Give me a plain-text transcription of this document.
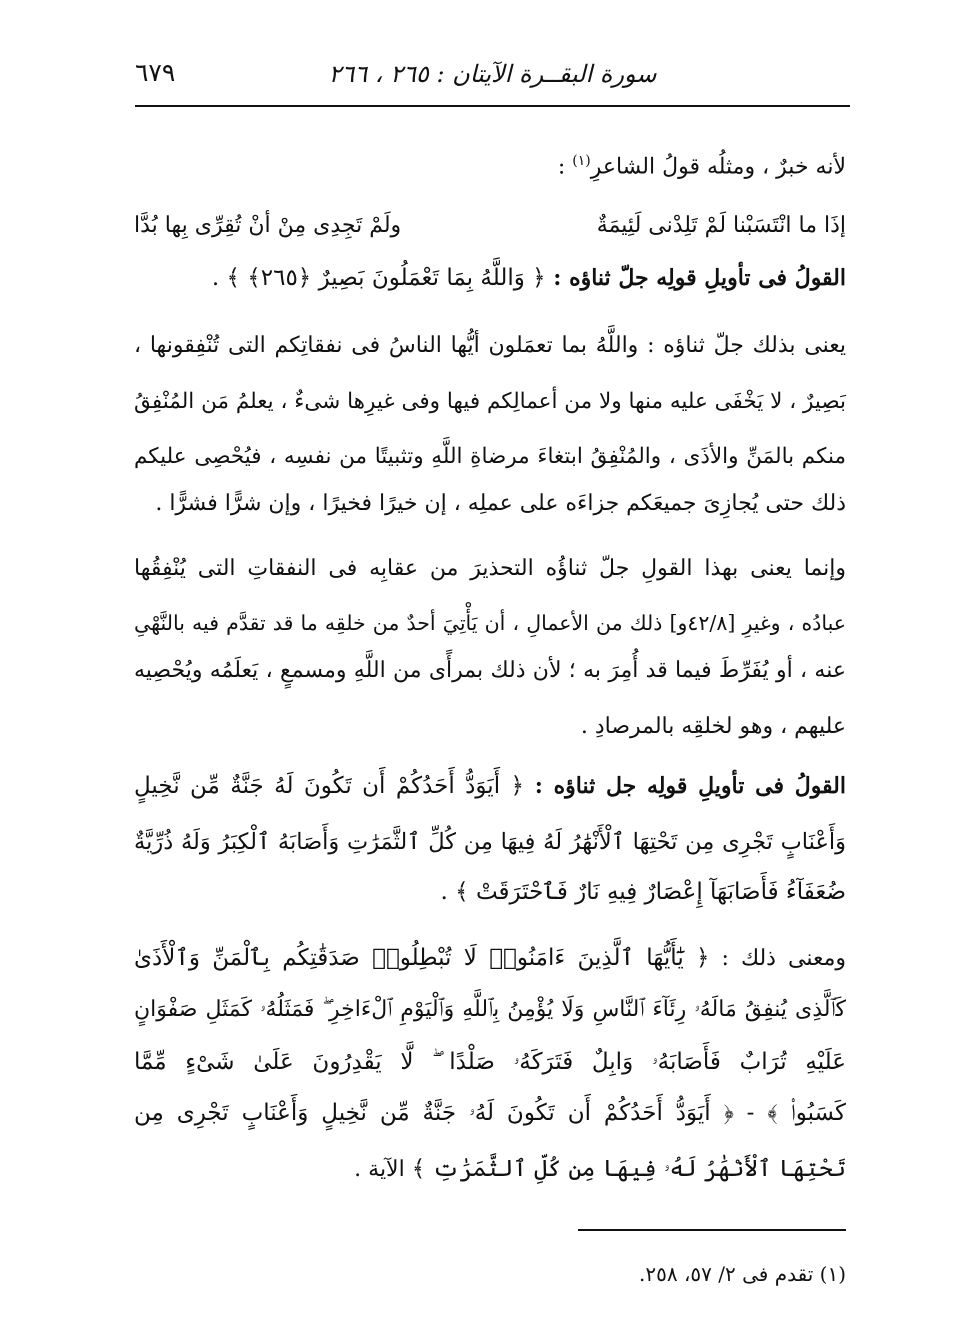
سورة البقــرة الآيتان : ٢٦٥ ، ٢٦٦
٦٧٩
لأنه خبرٌ ، ومثلُه قولُ الشاعرِ$^{(١)}$ :
إذَا ما انْتَسَبْنا لَمْ تَلِدْنى لَئِيمَةٌ
ولَمْ تَجِدِى مِنْ أنْ تُقِرِّى بِها بُدَّا
القولُ فى تأويلِ قولِه جلّ ثناؤه : ﴿ وَاللَّهُ بِمَا تَعْمَلُونَ بَصِيرٌ ﴿٢٦٥﴾ ﴾ .
يعنى بذلك جلّ ثناؤه : واللَّهُ بما تعمَلون أيُّها الناسُ فى نفقاتِكم التى تُنْفِقونها ،
بَصِيرٌ ، لا يَخْفَى عليه منها ولا من أعمالِكم فيها وفى غيرِها شىءٌ ، يعلمُ مَن المُنْفِقُ
منكم بالمَنِّ والأذَى ، والمُنْفِقُ ابتغاءَ مرضاةِ اللَّهِ وتثبيتًا من نفسِه ، فيُحْصِى عليكم
ذلك حتى يُجازِىَ جميعَكم جزاءَه على عملِه ، إن خيرًا فخيرًا ، وإن شرًّا فشرًّا .
وإنما يعنى بهذا القولِ جلّ ثناؤُه التحذيرَ من عقابِه فى النفقاتِ التى يُنْفِقُها
عبادُه ، وغيرِ [٤٢/٨و] ذلك من الأعمالِ ، أن يَأْتِيَ أحدٌ من خلقِه ما قد تقدَّم فيه بالنَّهْىِ
عنه ، أو يُفَرِّطَ فيما قد أُمِرَ به ؛ لأن ذلك بمرأًى من اللَّهِ ومسمعٍ ، يَعلَمُه ويُحْصِيه
عليهم ، وهو لخلقِه بالمرصادِ .
القولُ فى تأويلِ قولِه جل ثناؤه : ﴿ أَيَوَدُّ أَحَدُكُمْ أَن تَكُونَ لَهُ جَنَّةٌ مِّن نَّخِيلٍ
وَأَعْنَابٍ تَجْرِى مِن تَحْتِهَا ٱلْأَنْهَٰرُ لَهُ فِيهَا مِن كُلِّ ٱلثَّمَرَٰتِ وَأَصَابَهُ ٱلْكِبَرُ وَلَهُ ذُرِّيَّةٌ
ضُعَفَآءُ فَأَصَابَهَآ إِعْصَارٌ فِيهِ نَارٌ فَٱحْتَرَقَتْ ﴾ .
ومعنى ذلك : ﴿ يَٰٓأَيُّهَا ٱلَّذِينَ ءَامَنُوا۟ لَا تُبْطِلُوا۟ صَدَقَٰتِكُم بِٱلْمَنِّ وَٱلْأَذَىٰ
كَٱلَّذِى يُنفِقُ مَالَهُۥ رِئَآءَ ٱلنَّاسِ وَلَا يُؤْمِنُ بِٱللَّهِ وَٱلْيَوْمِ ٱلْءَاخِرِ ۖ فَمَثَلُهُۥ كَمَثَلِ صَفْوَانٍ
عَلَيْهِ تُرَابٌ فَأَصَابَهُۥ وَابِلٌ فَتَرَكَهُۥ صَلْدًا ۖ لَّا يَقْدِرُونَ عَلَىٰ شَىْءٍ مِّمَّا
كَسَبُوا۟ ﴾ - ﴿ أَيَوَدُّ أَحَدُكُمْ أَن تَكُونَ لَهُۥ جَنَّةٌ مِّن نَّخِيلٍ وَأَعْنَابٍ تَجْرِى مِن
تَحْتِهَا ٱلْأَنْهَٰرُ لَهُۥ فِيهَا مِن كُلِّ ٱلثَّمَرَٰتِ ﴾ الآية .
(١) تقدم فى ٢/ ٥٧، ٢٥٨.
